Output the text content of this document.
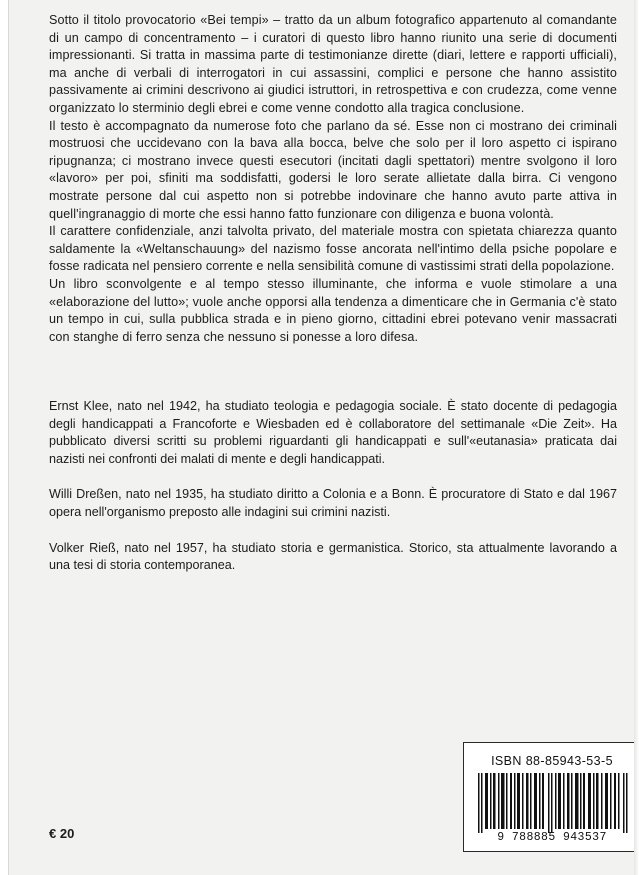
Sotto il titolo provocatorio «Bei tempi» – tratto da un album fotografico appartenuto al comandante di un campo di concentramento – i curatori di questo libro hanno riunito una serie di documenti impressionanti. Si tratta in massima parte di testimonianze dirette (diari, lettere e rapporti ufficiali), ma anche di verbali di interrogatori in cui assassini, complici e persone che hanno assistito passivamente ai crimini descrivono ai giudici istruttori, in retrospettiva e con crudezza, come venne organizzato lo sterminio degli ebrei e come venne condotto alla tragica conclusione.

Il testo è accompagnato da numerose foto che parlano da sé. Esse non ci mostrano dei criminali mostruosi che uccidevano con la bava alla bocca, belve che solo per il loro aspetto ci ispirano ripugnanza; ci mostrano invece questi esecutori (incitati dagli spettatori) mentre svolgono il loro «lavoro» per poi, sfiniti ma soddisfatti, godersi le loro serate allietate dalla birra. Ci vengono mostrate persone dal cui aspetto non si potrebbe indovinare che hanno avuto parte attiva in quell'ingranaggio di morte che essi hanno fatto funzionare con diligenza e buona volontà.

Il carattere confidenziale, anzi talvolta privato, del materiale mostra con spietata chiarezza quanto saldamente la «Weltanschauung» del nazismo fosse ancorata nell'intimo della psiche popolare e fosse radicata nel pensiero corrente e nella sensibilità comune di vastissimi strati della popolazione.

Un libro sconvolgente e al tempo stesso illuminante, che informa e vuole stimolare a una «elaborazione del lutto»; vuole anche opporsi alla tendenza a dimenticare che in Germania c'è stato un tempo in cui, sulla pubblica strada e in pieno giorno, cittadini ebrei potevano venir massacrati con stanghe di ferro senza che nessuno si ponesse a loro difesa.

Ernst Klee, nato nel 1942, ha studiato teologia e pedagogia sociale. È stato docente di pedagogia degli handicappati a Francoforte e Wiesbaden ed è collaboratore del settimanale «Die Zeit». Ha pubblicato diversi scritti su problemi riguardanti gli handicappati e sull'«eutanasia» praticata dai nazisti nei confronti dei malati di mente e degli handicappati.

Willi Dreßen, nato nel 1935, ha studiato diritto a Colonia e a Bonn. È procuratore di Stato e dal 1967 opera nell'organismo preposto alle indagini sui crimini nazisti.

Volker Rieß, nato nel 1957, ha studiato storia e germanistica. Storico, sta attualmente lavorando a una tesi di storia contemporanea.

ISBN 88-85943-53-5
9 788885 943537
€ 20
